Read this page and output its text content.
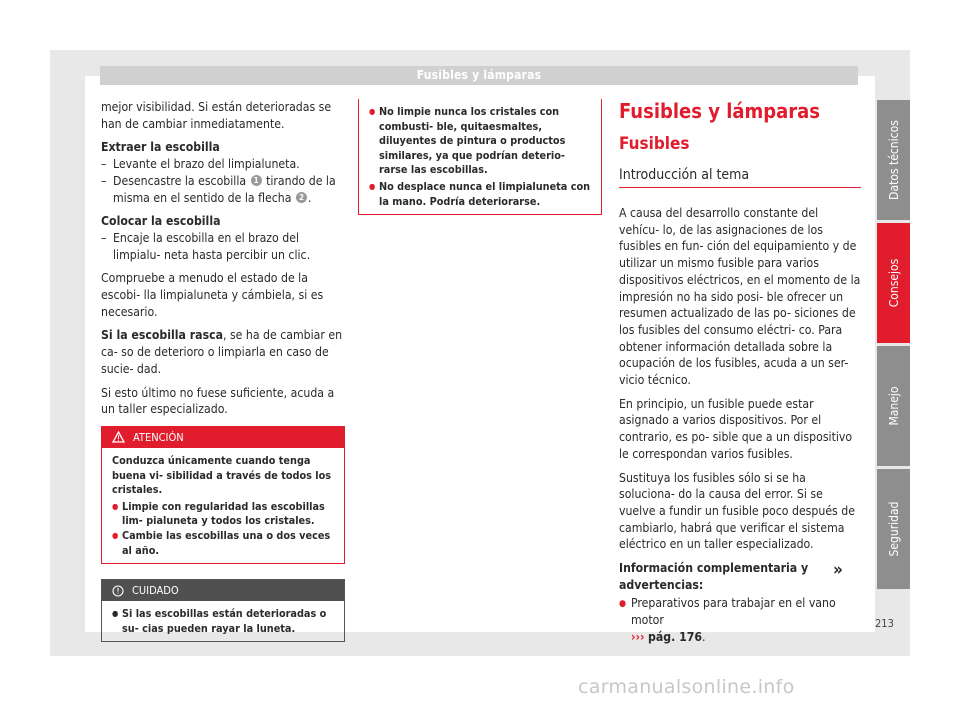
Fusibles y lámparas

mejor visibilidad. Si están deterioradas se han de cambiar inmediatamente.

Extraer la escobilla
– Levante el brazo del limpialuneta.
– Desencastre la escobilla 1 tirando de la misma en el sentido de la flecha 2 .
Colocar la escobilla
– Encaje la escobilla en el brazo del limpialu- neta hasta percibir un clic.

Compruebe a menudo el estado de la escobi- lla limpialuneta y cámbiela, si es necesario.

Si la escobilla rasca, se ha de cambiar en ca- so de deterioro o limpiarla en caso de sucie- dad.

Si esto último no fuese suficiente, acuda a un taller especializado.

ATENCIÓN
Conduzca únicamente cuando tenga buena vi- sibilidad a través de todos los cristales.
● Limpie con regularidad las escobillas lim- pialuneta y todos los cristales.
● Cambie las escobillas una o dos veces al año.
CUIDADO
● Si las escobillas están deterioradas o su- cias pueden rayar la luneta.
● No limpie nunca los cristales con combusti- ble, quitaesmaltes, diluyentes de pintura o productos similares, ya que podrían deterio- rarse las escobillas.
● No desplace nunca el limpialuneta con la mano. Podría deteriorarse.
Fusibles y lámparas
Fusibles
Introducción al tema

A causa del desarrollo constante del vehícu- lo, de las asignaciones de los fusibles en fun- ción del equipamiento y de utilizar un mismo fusible para varios dispositivos eléctricos, en el momento de la impresión no ha sido posi- ble ofrecer un resumen actualizado de las po- siciones de los fusibles del consumo eléctri- co. Para obtener información detallada sobre la ocupación de los fusibles, acuda a un ser- vicio técnico.

En principio, un fusible puede estar asignado a varios dispositivos. Por el contrario, es po- sible que a un dispositivo le correspondan varios fusibles.

Sustituya los fusibles sólo si se ha soluciona- do la causa del error. Si se vuelve a fundir un fusible poco después de cambiarlo, habrá que verificar el sistema eléctrico en un taller especializado.

Información complementaria y advertencias:
● Preparativos para trabajar en el vano motor
››› pág. 176.
»
Datos técnicos
Consejos
Manejo
Seguridad
213
carmanualsonline.info
